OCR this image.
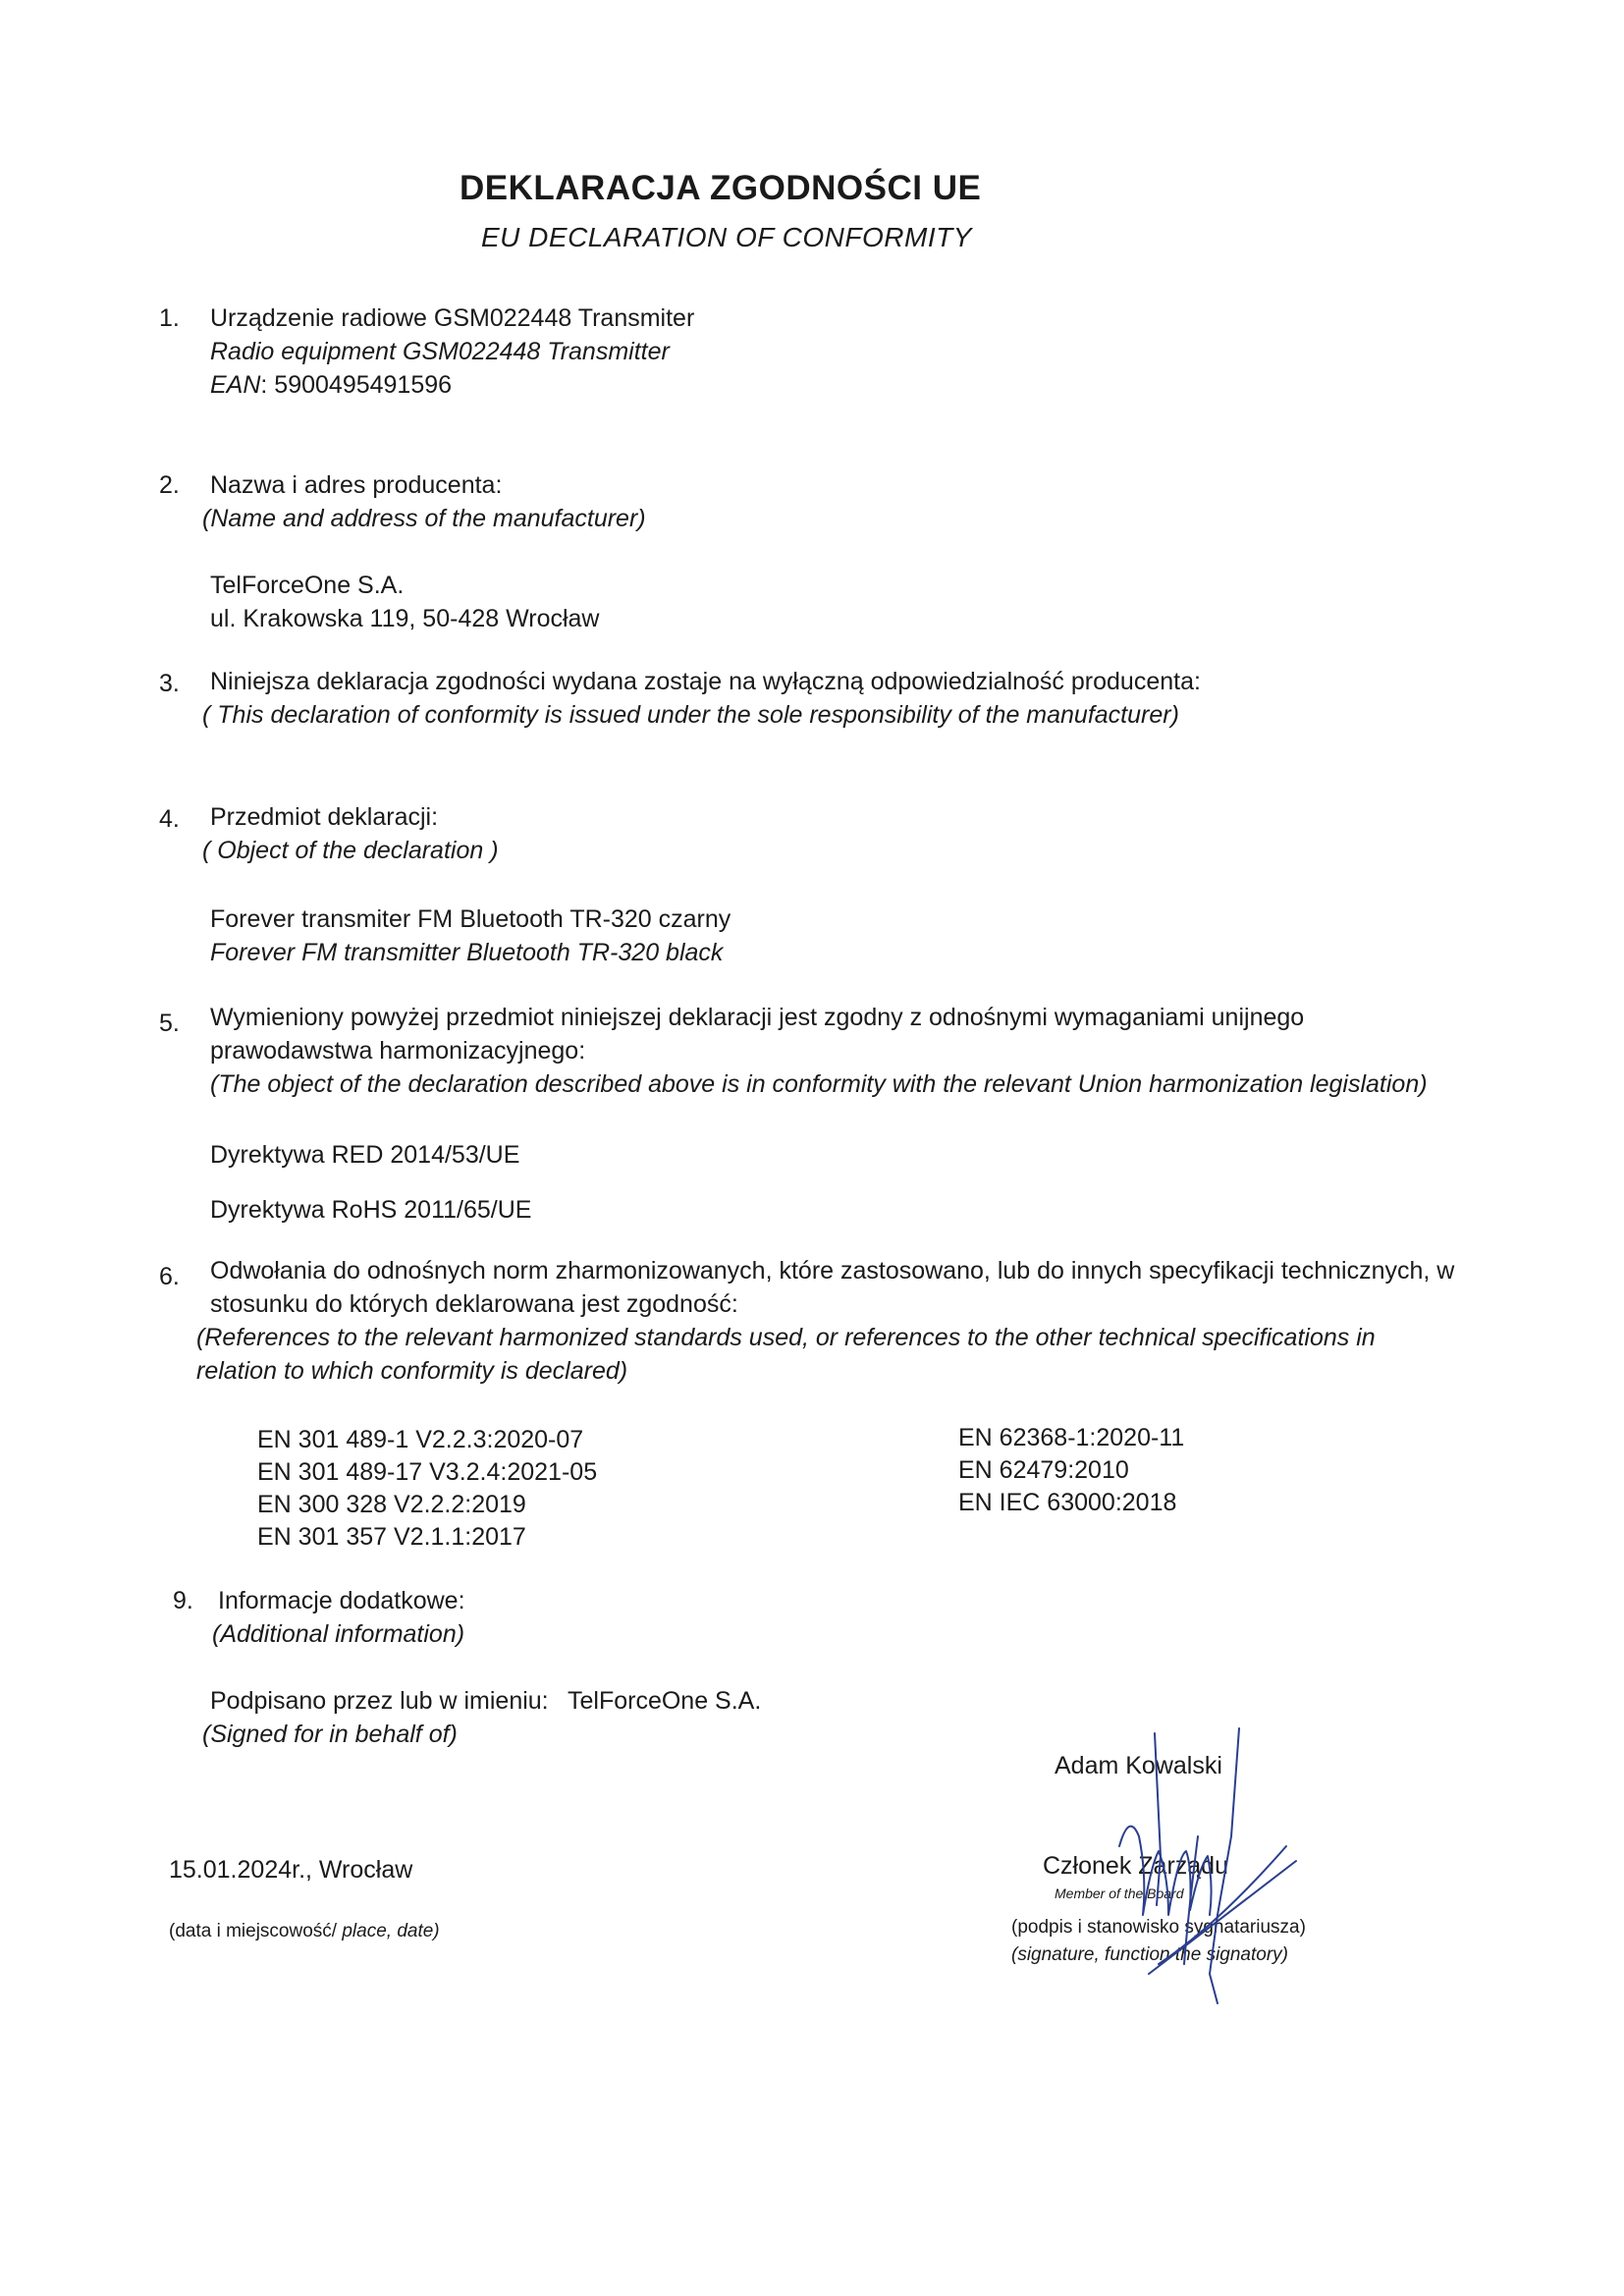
DEKLARACJA ZGODNOŚCI UE
EU DECLARATION OF CONFORMITY
1. Urządzenie radiowe GSM022448 Transmiter
Radio equipment GSM022448 Transmitter
EAN: 5900495491596
2. Nazwa i adres producenta:
(Name and address of the manufacturer)
TelForceOne S.A.
ul. Krakowska 119, 50-428 Wrocław
3. Niniejsza deklaracja zgodności wydana zostaje na wyłączną odpowiedzialność producenta:
( This declaration of conformity is issued under the sole responsibility of the manufacturer)
4. Przedmiot deklaracji:
( Object of the declaration )
Forever transmiter FM Bluetooth TR-320 czarny
Forever FM transmitter Bluetooth TR-320 black
5. Wymieniony powyżej przedmiot niniejszej deklaracji jest zgodny z odnośnymi wymaganiami unijnego
prawodawstwa harmonizacyjnego:
(The object of the declaration described above is in conformity with the relevant Union harmonization legislation)
Dyrektywa RED 2014/53/UE
Dyrektywa RoHS 2011/65/UE
6. Odwołania do odnośnych norm zharmonizowanych, które zastosowano, lub do innych specyfikacji technicznych, w
stosunku do których deklarowana jest zgodność:
(References to the relevant harmonized standards used, or references to the other technical specifications in
relation to which conformity is declared)
EN 301 489-1 V2.2.3:2020-07
EN 301 489-17 V3.2.4:2021-05
EN 300 328 V2.2.2:2019
EN 301 357 V2.1.1:2017
EN 62368-1:2020-11
EN 62479:2010
EN IEC 63000:2018
9. Informacje dodatkowe:
(Additional information)
Podpisano przez lub w imieniu: TelForceOne S.A.
(Signed for in behalf of)
Adam Kowalski
15.01.2024r., Wrocław
(data i miejscowość/ place, date)
Członek Zarządu
Member of the Board
(podpis i stanowisko sygnatariusza)
(signature, function the signatory)
